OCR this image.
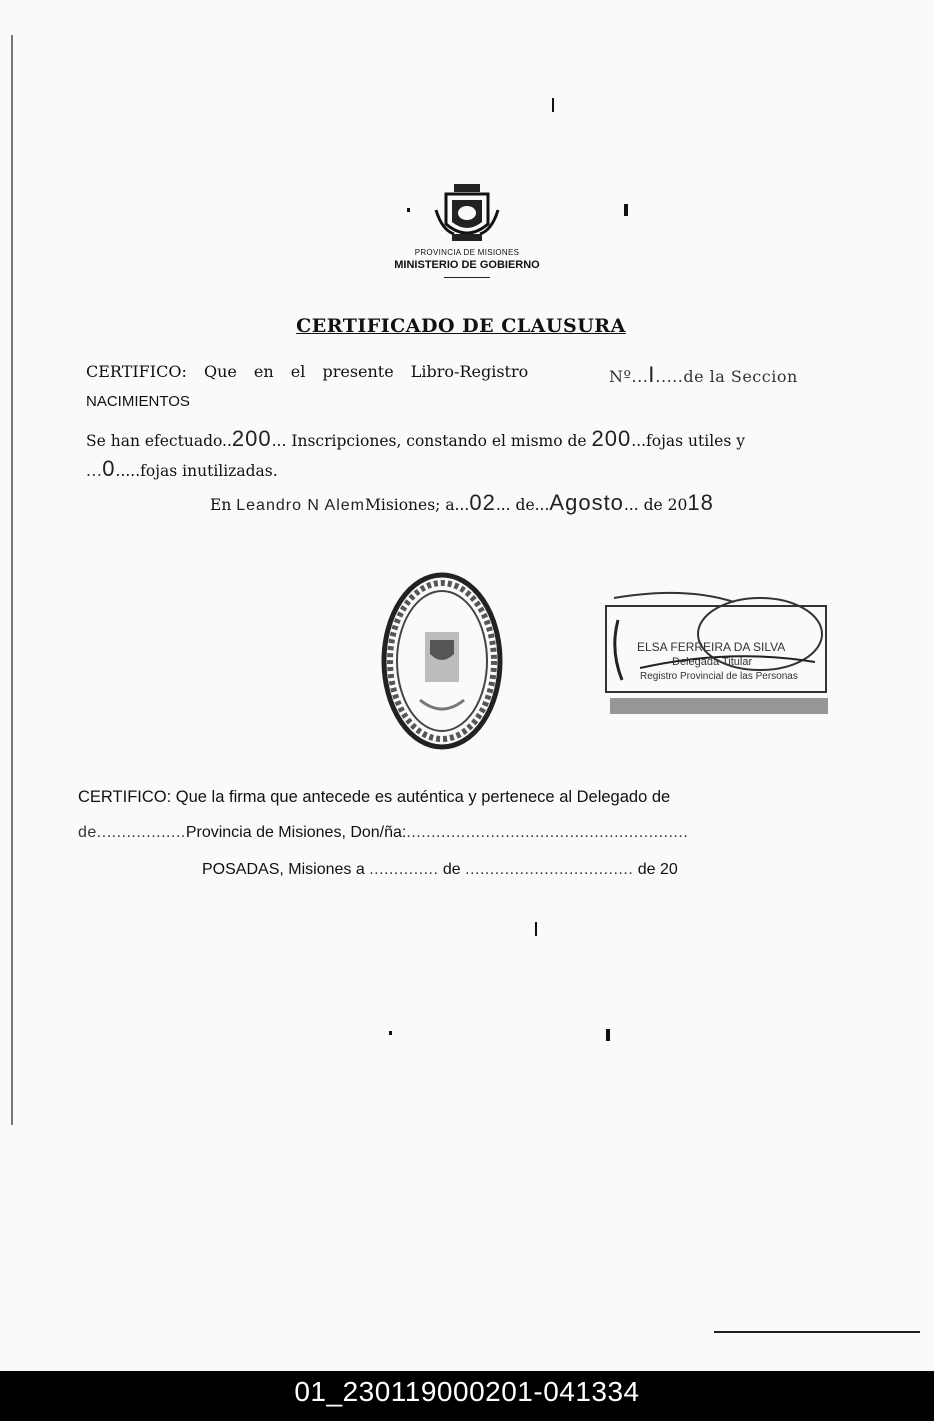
PROVINCIA DE MISIONES
MINISTERIO DE GOBIERNO
CERTIFICADO DE CLAUSURA
CERTIFICO: Que en el presente Libro-Registro	Nº...I.....de la Seccion
NACIMIENTOS
Se han efectuado..200... Inscripciones, constando el mismo de 200...fojas utiles y
...0.....fojas inutilizadas.
En Leandro N AlemMisiones; a...02... de...Agosto... de 2018
ELSA FERREIRA DA SILVA
Delegada Titular
Registro Provincial de las Personas
CERTIFICO: Que la firma que antecede es auténtica y pertenece al Delegado de
de..................Provincia de Misiones, Don/ña:.........................................................
POSADAS, Misiones a .............. de .................................. de 20
01_230119000201-041334
